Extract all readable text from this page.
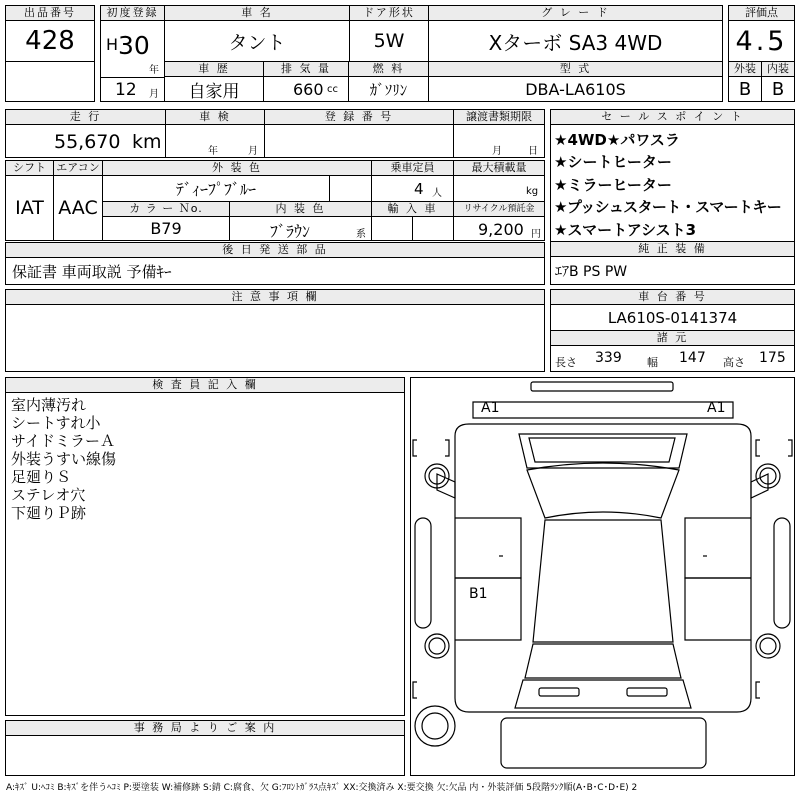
出品番号
428
初度登録
H 30
年
12 月
車 名
タント
ドア形状
5W
グ レ ー ド
Xターボ SA3 4WD
車 歴
自家用
排 気 量
660 cc
燃 料
ｶﾞｿﾘﾝ
型 式
DBA-LA610S
評価点
4.5
外装	内装
B	B
走 行
55,670 km
車 検
年	月
登 録 番 号	譲渡書類期限
月	日
シフト
IAT
エアコン
AAC
外 装 色
ﾃﾞｨｰﾌﾟﾌﾞﾙｰ
乗車定員
4 人
最大積載量
kg
カ ラ ー Ｎo.
B79
内 装 色
ﾌﾞﾗｳﾝ	系
輸 入 車	リサイクル預託金
9,200 円
後 日 発 送 部 品
保証書 車両取説 予備ｷｰ
セ ー ル ス ポ イ ン ト
★4WD★パワスラ
★シートヒーター
★ミラーヒーター
★プッシュスタート・スマートキー
★スマートアシスト3
純 正 装 備
ｴｱB PS PW
注 意 事 項 欄	車 台 番 号
LA610S-0141374
諸 元
長さ 339 幅 147 高さ 175
検 査 員 記 入 欄
室内薄汚れ
シートすれ小
サイドミラーＡ
外装うすい線傷
足廻りＳ
ステレオ穴
下廻りＰ跡
事 務 局 よ り ご 案 内
A1	A1
B1
A:ｷｽﾞ U:ﾍｺﾐ B:ｷｽﾞを伴うﾍｺﾐ P:要塗装 W:補修跡 S:錆 C:腐食、欠 G:ﾌﾛﾝﾄｶﾞﾗｽ点ｷｽﾞ XX:交換済み X:要交換 欠:欠品 内・外装評価 5段階ﾗﾝｸ順(A･B･C･D･E) 2
